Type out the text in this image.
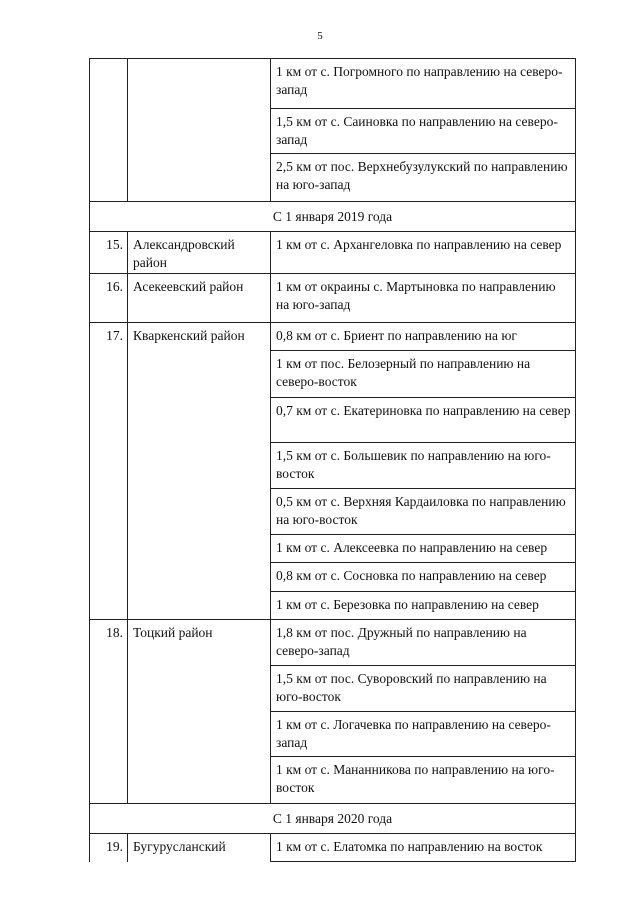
5
		1 км от с. Погромного по направлению на северо-запад
		1,5 км от с. Саиновка по направлению на северо-запад
		2,5 км от пос. Верхнебузулукский по направлению на юго-запад
С 1 января 2019 года		
15.	Александровский район	1 км от с. Архангеловка по направлению на север
16.	Асекеевский район	1 км от окраины с. Мартыновка по направлению на юго-запад
17.	Кваркенский район	0,8 км от с. Бриент по направлению на юг
		1 км от пос. Белозерный по направлению на северо-восток
		0,7 км от с. Екатериновка по направлению на север
		1,5 км от с. Большевик по направлению на юго-восток
		0,5 км от с. Верхняя Кардаиловка по направлению на юго-восток
		1 км от с. Алексеевка по направлению на север
		0,8 км от с. Сосновка по направлению на север
		1 км от с. Березовка по направлению на север
18.	Тоцкий район	1,8 км от пос. Дружный по направлению на северо-запад
		1,5 км от пос. Суворовский по направлению на юго-восток
		1 км от с. Логачевка по направлению на северо-запад
		1 км от с. Мананникова по направлению на юго-восток
С 1 января 2020 года		
19.	Бугурусланский	1 км от с. Елатомка по направлению на восток
